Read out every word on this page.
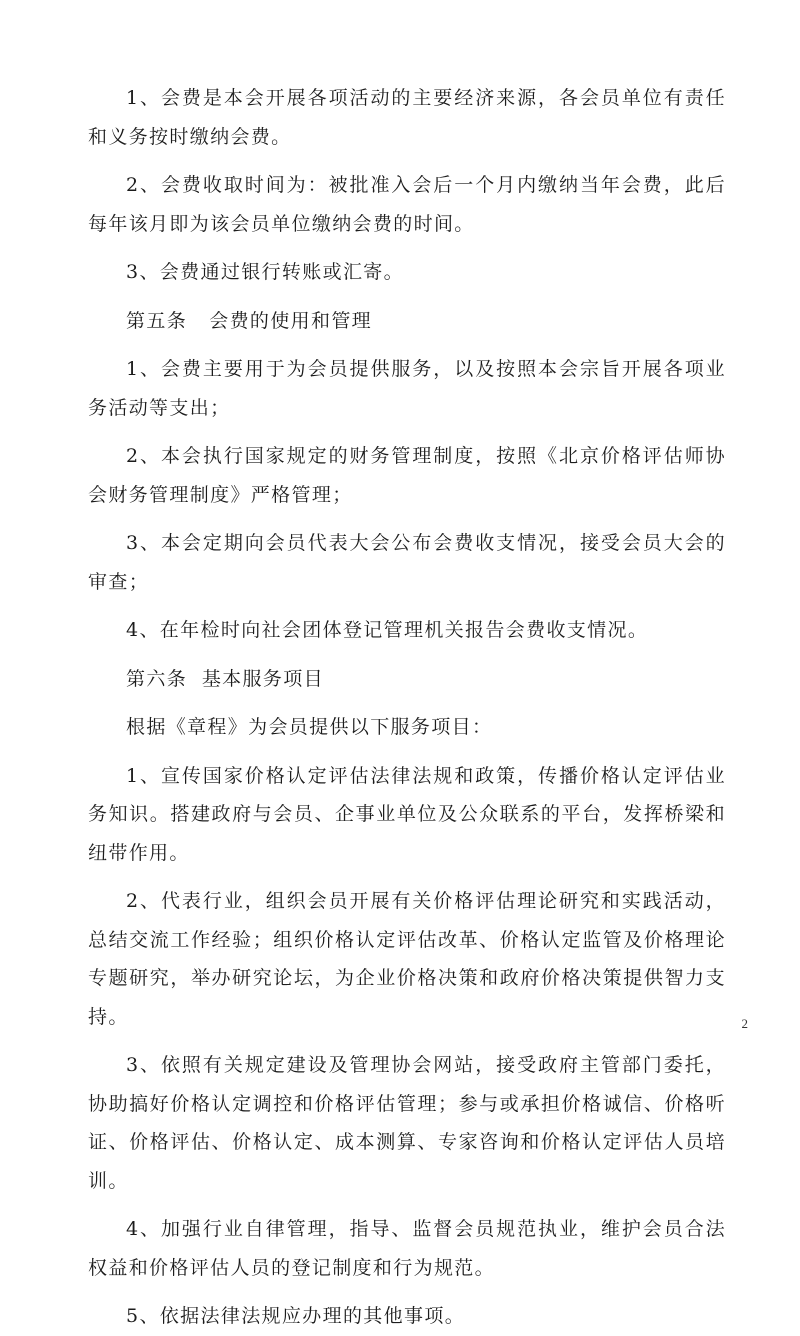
1、会费是本会开展各项活动的主要经济来源，各会员单位有责任和义务按时缴纳会费。

2、会费收取时间为：被批准入会后一个月内缴纳当年会费，此后每年该月即为该会员单位缴纳会费的时间。

3、会费通过银行转账或汇寄。

第五条   会费的使用和管理

1、会费主要用于为会员提供服务，以及按照本会宗旨开展各项业务活动等支出；

2、本会执行国家规定的财务管理制度，按照《北京价格评估师协会财务管理制度》严格管理；

3、本会定期向会员代表大会公布会费收支情况，接受会员大会的审查；

4、在年检时向社会团体登记管理机关报告会费收支情况。

第六条  基本服务项目

根据《章程》为会员提供以下服务项目：

1、宣传国家价格认定评估法律法规和政策，传播价格认定评估业务知识。搭建政府与会员、企事业单位及公众联系的平台，发挥桥梁和纽带作用。

2、代表行业，组织会员开展有关价格评估理论研究和实践活动，总结交流工作经验；组织价格认定评估改革、价格认定监管及价格理论专题研究，举办研究论坛，为企业价格决策和政府价格决策提供智力支持。

3、依照有关规定建设及管理协会网站，接受政府主管部门委托，协助搞好价格认定调控和价格评估管理；参与或承担价格诚信、价格听证、价格评估、价格认定、成本测算、专家咨询和价格认定评估人员培训。

4、加强行业自律管理，指导、监督会员规范执业，维护会员合法权益和价格评估人员的登记制度和行为规范。

5、依据法律法规应办理的其他事项。

2
